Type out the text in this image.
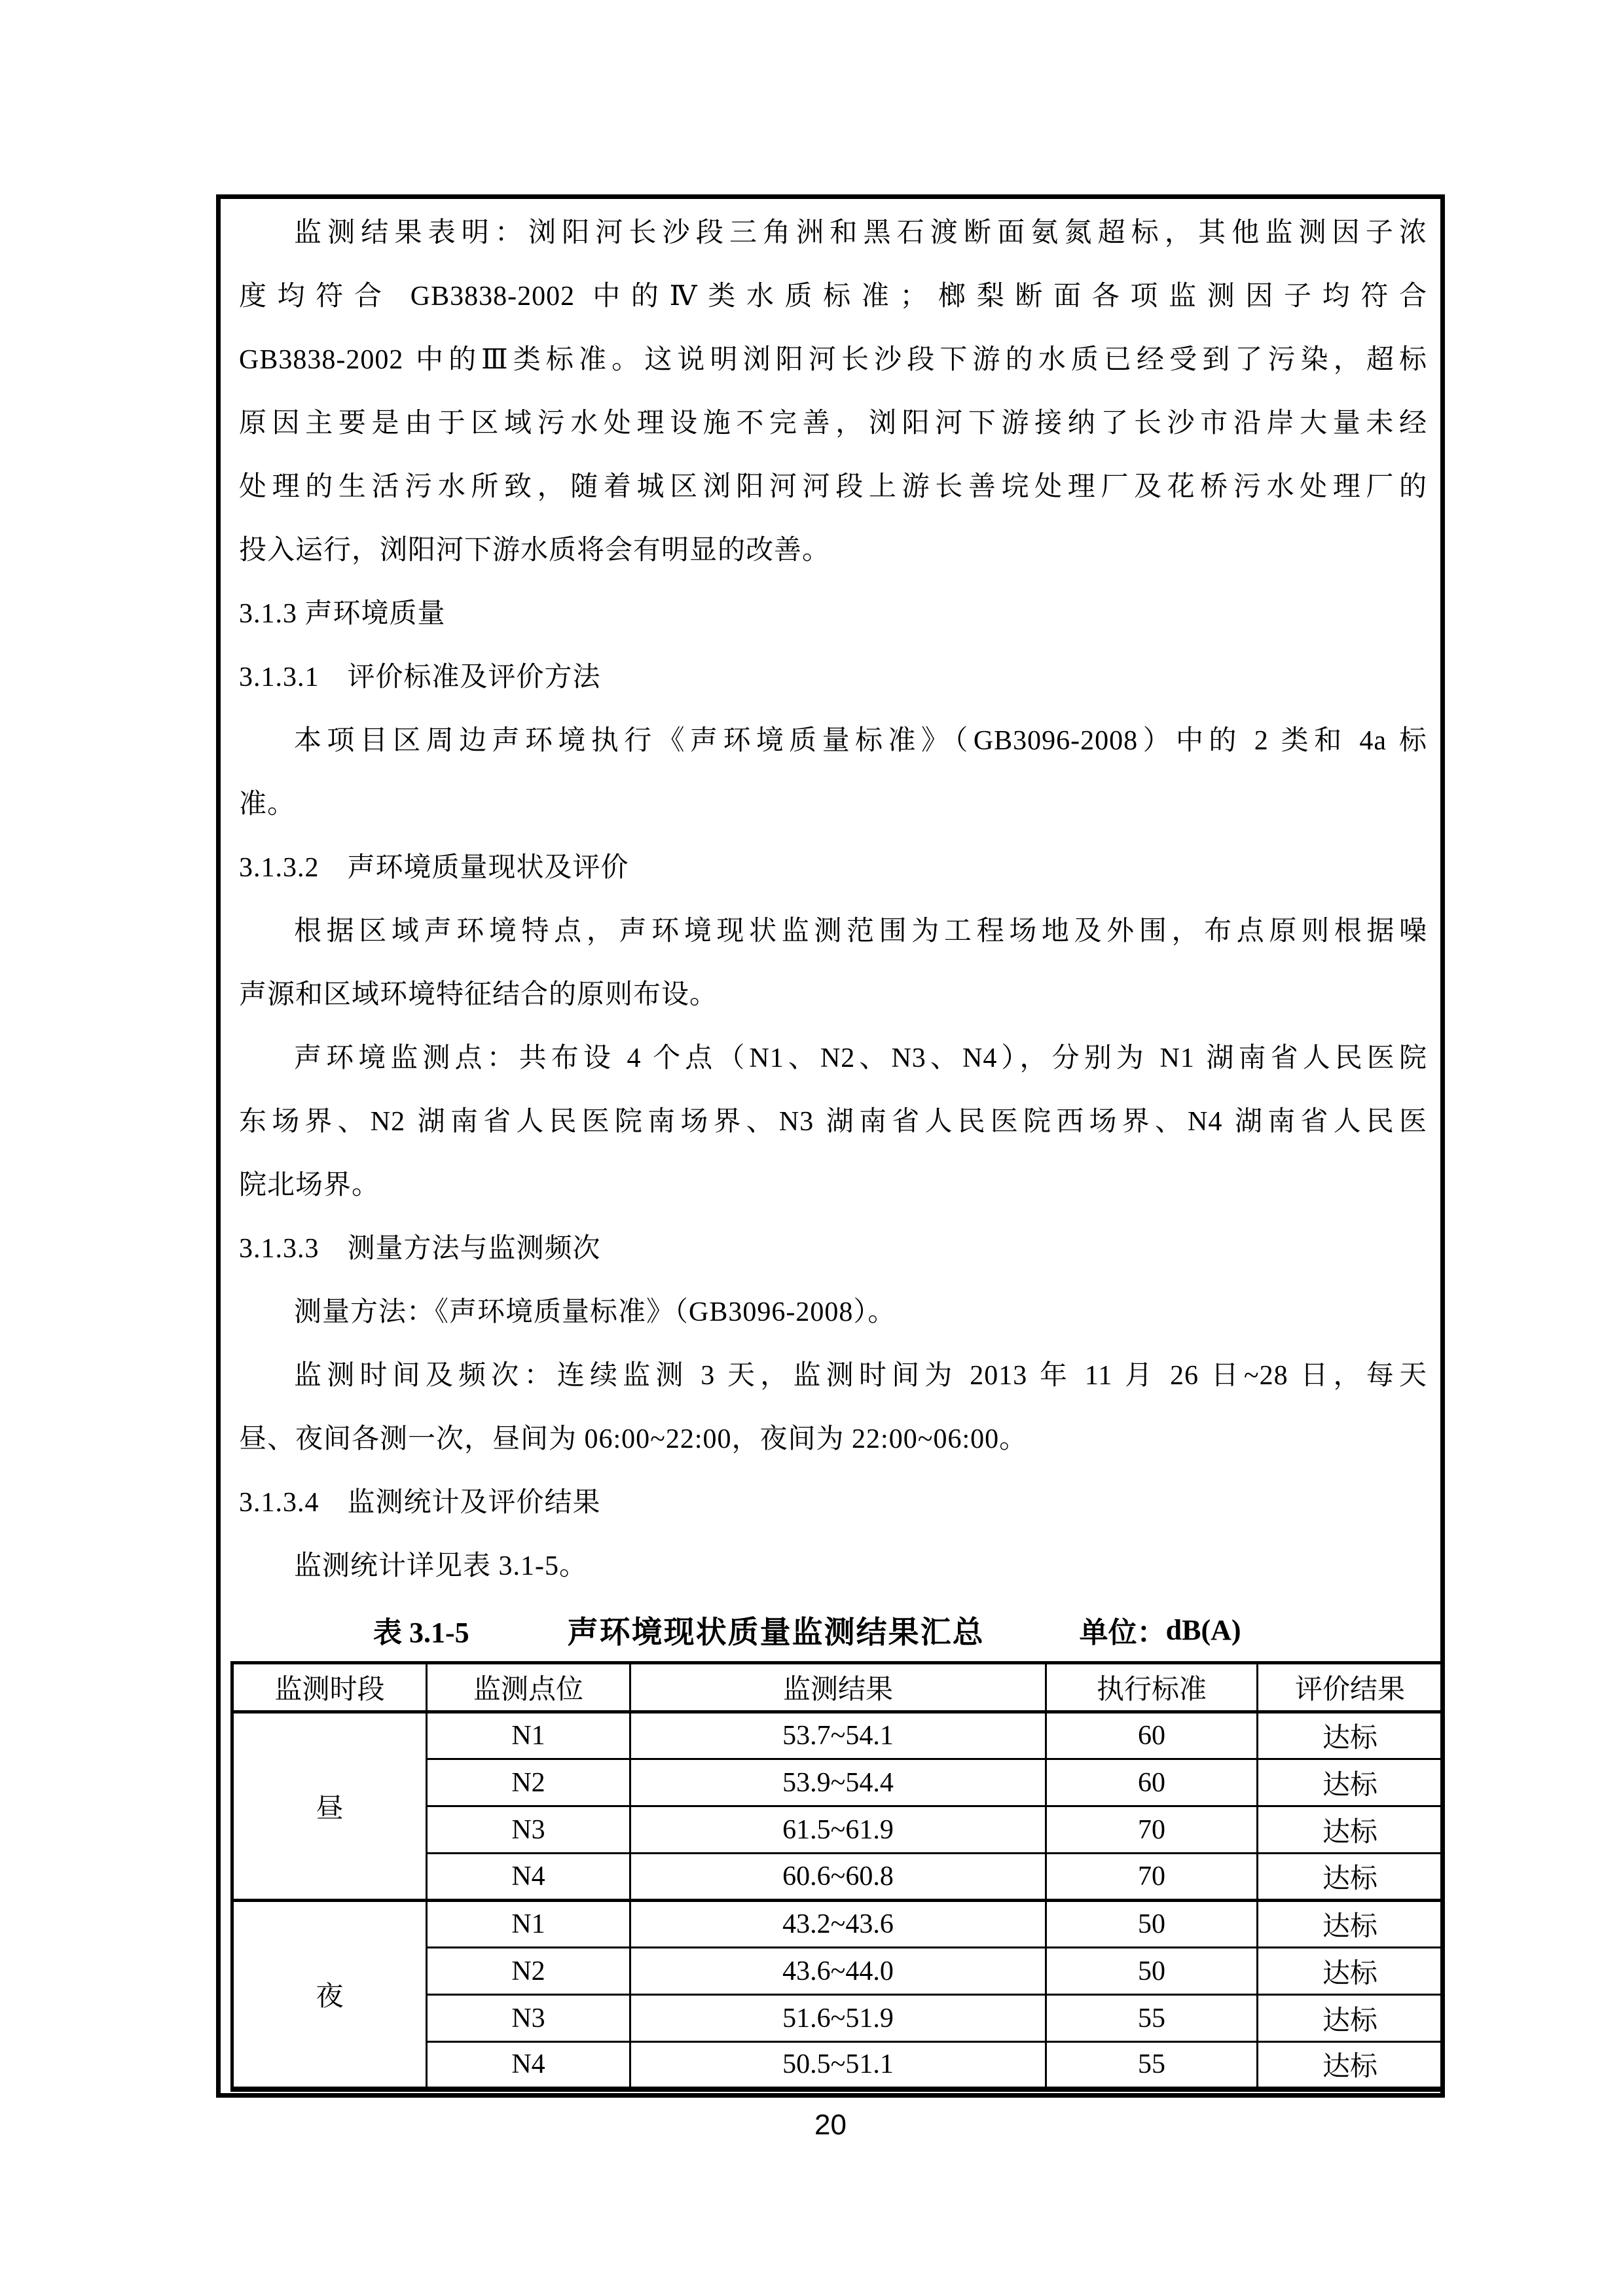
监测结果表明：浏阳河长沙段三角洲和黑石渡断面氨氮超标，其他监测因子浓
度均符合 GB3838-2002 中的Ⅳ类水质标准；榔梨断面各项监测因子均符合
GB3838-2002 中的Ⅲ类标准。这说明浏阳河长沙段下游的水质已经受到了污染，超标
原因主要是由于区域污水处理设施不完善，浏阳河下游接纳了长沙市沿岸大量未经
处理的生活污水所致，随着城区浏阳河河段上游长善垸处理厂及花桥污水处理厂的
投入运行，浏阳河下游水质将会有明显的改善。
3.1.3 声环境质量
3.1.3.1　评价标准及评价方法
本项目区周边声环境执行《声环境质量标准》（GB3096-2008）中的 2 类和 4a 标
准。
3.1.3.2　声环境质量现状及评价
根据区域声环境特点，声环境现状监测范围为工程场地及外围，布点原则根据噪
声源和区域环境特征结合的原则布设。
声环境监测点：共布设 4 个点（N1、N2、N3、N4），分别为 N1 湖南省人民医院
东场界、N2 湖南省人民医院南场界、N3 湖南省人民医院西场界、N4 湖南省人民医
院北场界。
3.1.3.3　测量方法与监测频次
测量方法：《声环境质量标准》（GB3096-2008）。
监测时间及频次：连续监测 3 天，监测时间为 2013 年 11 月 26 日~28 日，每天
昼、夜间各测一次，昼间为 06:00~22:00，夜间为 22:00~06:00。
3.1.3.4　监测统计及评价结果
监测统计详见表 3.1-5。
表 3.1-5	声环境现状质量监测结果汇总	单位： dB(A)
监测时段	监测点位	监测结果	执行标准	评价结果
昼	N1	53.7~54.1	60	达标
	N2	53.9~54.4	60	达标
	N3	61.5~61.9	70	达标
	N4	60.6~60.8	70	达标
夜	N1	43.2~43.6	50	达标
	N2	43.6~44.0	50	达标
	N3	51.6~51.9	55	达标
	N4	50.5~51.1	55	达标
20
